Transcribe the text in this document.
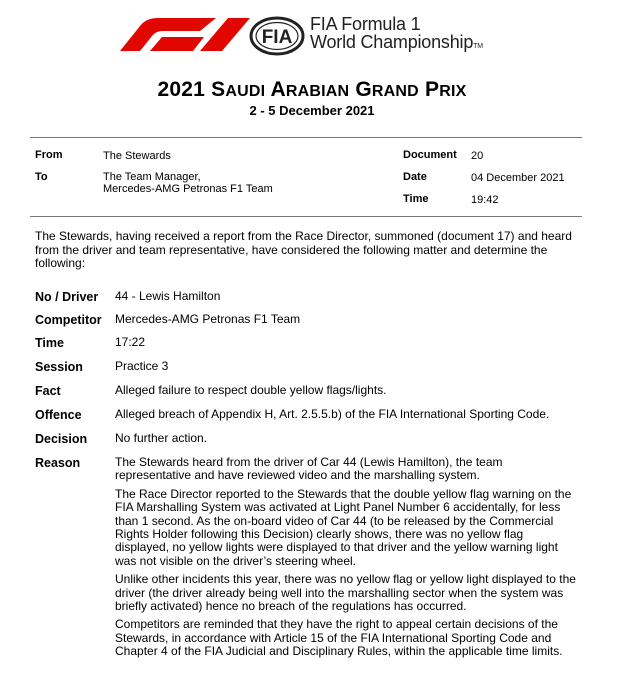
FIA
FIA Formula 1
World ChampionshipTM
2021 SAUDI ARABIAN GRAND PRIX
2 - 5 December 2021
From	The Stewards
To	The Team Manager,
Mercedes-AMG Petronas F1 Team
Document 20
Date	04 December 2021
Time	19:42
The Stewards, having received a report from the Race Director, summoned (document 17) and heard from the driver and team representative, have considered the following matter and determine the following:
No / Driver 44 - Lewis Hamilton
Competitor Mercedes-AMG Petronas F1 Team
Time	17:22
Session	Practice 3
Fact	Alleged failure to respect double yellow flags/lights.
Offence	Alleged breach of Appendix H, Art. 2.5.5.b) of the FIA International Sporting Code.
Decision No further action.
Reason	The Stewards heard from the driver of Car 44 (Lewis Hamilton), the team representative and have reviewed video and the marshalling system.

The Race Director reported to the Stewards that the double yellow flag warning on the FIA Marshalling System was activated at Light Panel Number 6 accidentally, for less than 1 second. As the on-board video of Car 44 (to be released by the Commercial Rights Holder following this Decision) clearly shows, there was no yellow flag displayed, no yellow lights were displayed to that driver and the yellow warning light was not visible on the driver’s steering wheel.

Unlike other incidents this year, there was no yellow flag or yellow light displayed to the driver (the driver already being well into the marshalling sector when the system was briefly activated) hence no breach of the regulations has occurred.

Competitors are reminded that they have the right to appeal certain decisions of the Stewards, in accordance with Article 15 of the FIA International Sporting Code and Chapter 4 of the FIA Judicial and Disciplinary Rules, within the applicable time limits.
